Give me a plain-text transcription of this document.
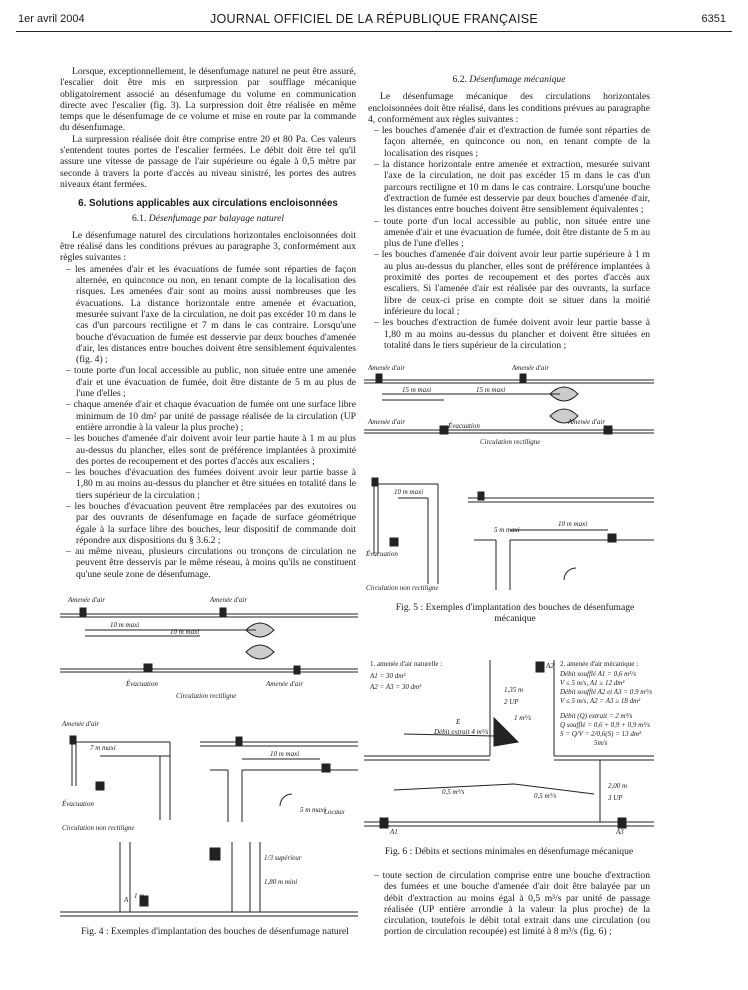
1er avril 2004	JOURNAL OFFICIEL DE LA RÉPUBLIQUE FRANÇAISE	6351

Lorsque, exceptionnellement, le désenfumage naturel ne peut être assuré, l'escalier doit être mis en surpression par soufflage mécanique obligatoirement associé au désenfumage du volume en communication directe avec l'escalier (fig. 3). La surpression doit être réalisée en même temps que le désenfumage de ce volume et mise en route par la commande du désenfumage.

La surpression réalisée doit être comprise entre 20 et 80 Pa. Ces valeurs s'entendent toutes portes de l'escalier fermées. Le débit doit être tel qu'il assure une vitesse de passage de l'air supérieure ou égale à 0,5 mètre par seconde à travers la porte d'accès au niveau sinistré, les portes des autres niveaux étant fermées.

6. Solutions applicables aux circulations encloisonnées
6.1. Désenfumage par balayage naturel

Le désenfumage naturel des circulations horizontales encloisonnées doit être réalisé dans les conditions prévues au paragraphe 3, conformément aux règles suivantes :

– les amenées d'air et les évacuations de fumée sont réparties de façon alternée, en quinconce ou non, en tenant compte de la localisation des risques. Les amenées d'air sont au moins aussi nombreuses que les évacuations. La distance horizontale entre amenée et évacuation, mesurée suivant l'axe de la circulation, ne doit pas excéder 10 m dans le cas d'un parcours rectiligne et 7 m dans le cas contraire. Lorsqu'une bouche d'évacuation de fumée est desservie par deux bouches d'amenée d'air, les distances entre bouches doivent être sensiblement équivalentes (fig. 4) ;
– toute porte d'un local accessible au public, non située entre une amenée d'air et une évacuation de fumée, doit être distante de 5 m au plus de l'une d'elles ;
– chaque amenée d'air et chaque évacuation de fumée ont une surface libre minimum de 10 dm² par unité de passage réalisée de la circulation (UP entière arrondie à la valeur la plus proche) ;
– les bouches d'amenée d'air doivent avoir leur partie haute à 1 m au plus au-dessus du plancher, elles sont de préférence implantées à proximité des portes de recoupement et des portes d'accès aux escaliers ;
– les bouches d'évacuation des fumées doivent avoir leur partie basse à 1,80 m au moins au-dessus du plancher et être situées en totalité dans le tiers supérieur de la circulation ;
– les bouches d'évacuation peuvent être remplacées par des exutoires ou par des ouvrants de désenfumage en façade de surface géométrique égale à la surface libre des bouches, leur dispositif de commande doit répondre aux dispositions du § 3.6.2 ;
– au même niveau, plusieurs circulations ou tronçons de circulation ne peuvent être desservis par le même réseau, à moins qu'ils ne constituent qu'une seule zone de désenfumage.
Amenée d'air	Amenée d'air
10 m maxi
10 m maxi
Évacuation
Circulation rectiligne
Amenée d'air
Amenée d'air
7 m maxi
10 m maxi
Évacuation
5 m maxi
Circulation non rectiligne
Locaux
1/3 supérieur
1,80 m mini
1 m
A
Fig. 4 : Exemples d'implantation des bouches de désenfumage naturel
6.2. Désenfumage mécanique

Le désenfumage mécanique des circulations horizontales encloisonnées doit être réalisé, dans les conditions prévues au paragraphe 4, conformément aux règles suivantes :

– les bouches d'amenée d'air et d'extraction de fumée sont réparties de façon alternée, en quinconce ou non, en tenant compte de la localisation des risques ;
– la distance horizontale entre amenée et extraction, mesurée suivant l'axe de la circulation, ne doit pas excéder 15 m dans le cas d'un parcours rectiligne et 10 m dans le cas contraire. Lorsqu'une bouche d'extraction de fumée est desservie par deux bouches d'amenée d'air, les distances entre bouches doivent être sensiblement équivalentes ;
– toute porte d'un local accessible au public, non située entre une amenée d'air et une évacuation de fumée, doit être distante de 5 m au plus de l'une d'elles ;
– les bouches d'amenée d'air doivent avoir leur partie supérieure à 1 m au plus au-dessus du plancher, elles sont de préférence implantées à proximité des portes de recoupement et des portes d'accès aux escaliers. Si l'amenée d'air est réalisée par des ouvrants, la surface libre de ceux-ci prise en compte doit se situer dans la moitié inférieure du local ;
– les bouches d'extraction de fumée doivent avoir leur partie basse à 1,80 m au moins au-dessus du plancher et doivent être situées en totalité dans le tiers supérieur de la circulation ;
Amenée d'air	Amenée d'air
15 m maxi	15 m maxi
Amenée d'air	Évacuation	Amenée d'air
Circulation rectiligne
10 m maxi
10 m maxi
5 m maxi
Évacuation
Circulation non rectiligne
Fig. 5 : Exemples d'implantation des bouches de désenfumage mécanique
1. amenée d'air naturelle :
A1 = 30 dm²
A2 = A3 = 30 dm²
2. amenée d'air mécanique :
Débit soufflé A1 = 0,6 m³/s
V ≤ 5 m/s, A1 ≥ 12 dm²
Débit soufflé A2 et A3 = 0,9 m³/s
V ≤ 5 m/s, A2 = A3 ≥ 18 dm²
Débit (Q) extrait = 2 m³/s
Q soufflé = 0,6 + 0,9 + 0,9 m³/s
S = Q/V = 2/0,6(S) = 13 dm²
5m/s
1,35 m
2 UP
1 m³/s
E
Débit extrait 4 m³/s
0,5 m³/s	0,5 m³/s
2,00 m
3 UP
A1
A2
A3
Fig. 6 : Débits et sections minimales en désenfumage mécanique
– toute section de circulation comprise entre une bouche d'extraction des fumées et une bouche d'amenée d'air doit être balayée par un débit d'extraction au moins égal à 0,5 m³/s par unité de passage réalisée (UP entière arrondie à la valeur la plus proche) de la circulation, toutefois le débit total extrait dans une circulation (ou portion de circulation recoupée) est limité à 8 m³/s (fig. 6) ;
